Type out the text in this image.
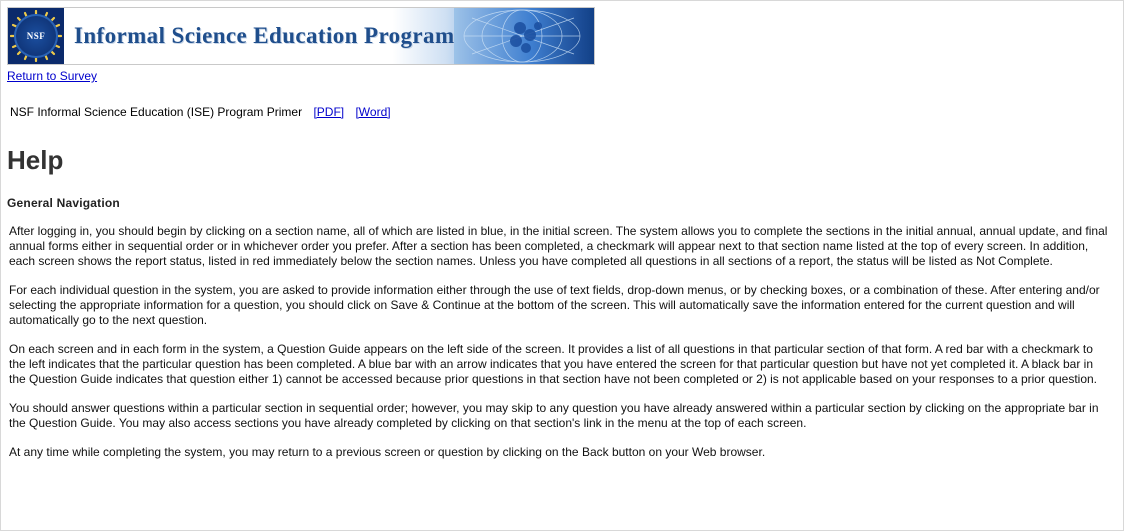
NSF
Informal Science Education Program
Return to Survey
NSF Informal Science Education (ISE) Program Primer [PDF] [Word]
Help
General Navigation

After logging in, you should begin by clicking on a section name, all of which are listed in blue, in the initial screen. The system allows you to complete the sections in the initial annual, annual update, and final annual forms either in sequential order or in whichever order you prefer. After a section has been completed, a checkmark will appear next to that section name listed at the top of every screen. In addition, each screen shows the report status, listed in red immediately below the section names. Unless you have completed all questions in all sections of a report, the status will be listed as Not Complete.

For each individual question in the system, you are asked to provide information either through the use of text fields, drop-down menus, or by checking boxes, or a combination of these. After entering and/or selecting the appropriate information for a question, you should click on Save & Continue at the bottom of the screen. This will automatically save the information entered for the current question and will automatically go to the next question.

On each screen and in each form in the system, a Question Guide appears on the left side of the screen. It provides a list of all questions in that particular section of that form. A red bar with a checkmark to the left indicates that the particular question has been completed. A blue bar with an arrow indicates that you have entered the screen for that particular question but have not yet completed it. A black bar in the Question Guide indicates that question either 1) cannot be accessed because prior questions in that section have not been completed or 2) is not applicable based on your responses to a prior question.

You should answer questions within a particular section in sequential order; however, you may skip to any question you have already answered within a particular section by clicking on the appropriate bar in the Question Guide. You may also access sections you have already completed by clicking on that section's link in the menu at the top of each screen.

At any time while completing the system, you may return to a previous screen or question by clicking on the Back button on your Web browser.
